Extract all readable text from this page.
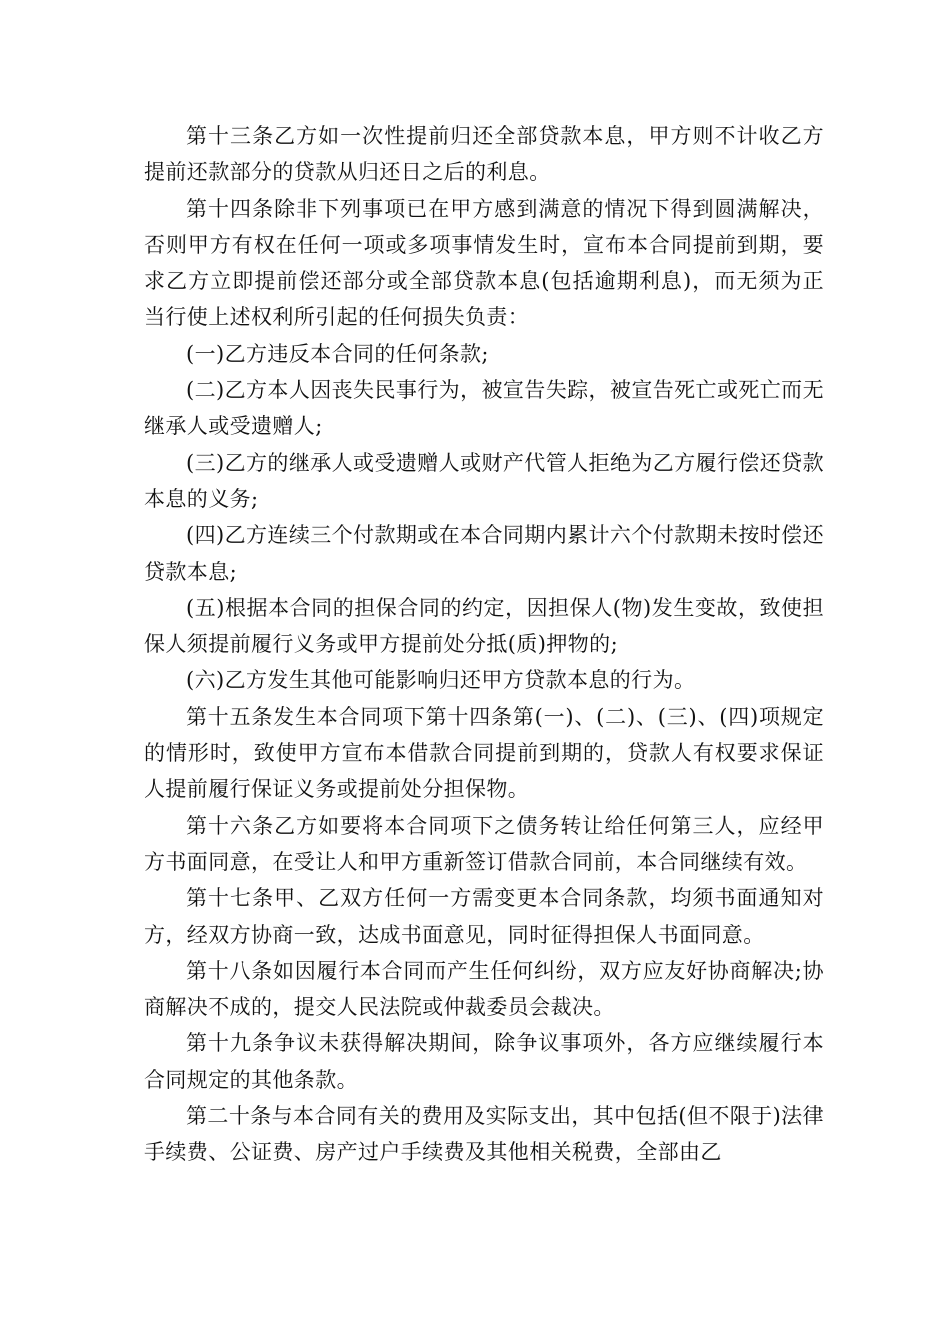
第十三条乙方如一次性提前归还全部贷款本息，甲方则不计收乙方提前还款部分的贷款从归还日之后的利息。

第十四条除非下列事项已在甲方感到满意的情况下得到圆满解决，否则甲方有权在任何一项或多项事情发生时，宣布本合同提前到期，要求乙方立即提前偿还部分或全部贷款本息(包括逾期利息)，而无须为正当行使上述权利所引起的任何损失负责：

(一)乙方违反本合同的任何条款;

(二)乙方本人因丧失民事行为，被宣告失踪，被宣告死亡或死亡而无继承人或受遗赠人;

(三)乙方的继承人或受遗赠人或财产代管人拒绝为乙方履行偿还贷款本息的义务;

(四)乙方连续三个付款期或在本合同期内累计六个付款期未按时偿还贷款本息;

(五)根据本合同的担保合同的约定，因担保人(物)发生变故，致使担保人须提前履行义务或甲方提前处分抵(质)押物的;

(六)乙方发生其他可能影响归还甲方贷款本息的行为。

第十五条发生本合同项下第十四条第(一)、(二)、(三)、(四)项规定的情形时，致使甲方宣布本借款合同提前到期的，贷款人有权要求保证人提前履行保证义务或提前处分担保物。

第十六条乙方如要将本合同项下之债务转让给任何第三人，应经甲方书面同意，在受让人和甲方重新签订借款合同前，本合同继续有效。

第十七条甲、乙双方任何一方需变更本合同条款，均须书面通知对方，经双方协商一致，达成书面意见，同时征得担保人书面同意。

第十八条如因履行本合同而产生任何纠纷，双方应友好协商解决;协商解决不成的，提交人民法院或仲裁委员会裁决。

第十九条争议未获得解决期间，除争议事项外，各方应继续履行本合同规定的其他条款。

第二十条与本合同有关的费用及实际支出，其中包括(但不限于)法律手续费、公证费、房产过户手续费及其他相关税费，全部由乙
